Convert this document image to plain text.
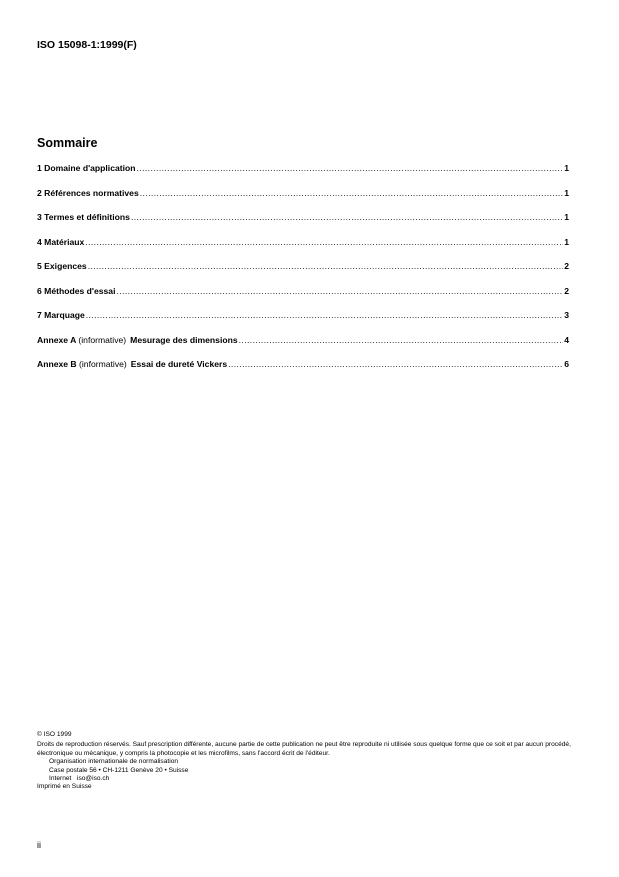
ISO 15098-1:1999(F)
Sommaire
1 Domaine d'application .....	1
2 Références normatives .....	1
3 Termes et définitions .....	1
4 Matériaux .....	1
5 Exigences .....	2
6 Méthodes d'essai .....	2
7 Marquage .....	3
Annexe A (informative) Mesurage des dimensions .....	4
Annexe B (informative) Essai de dureté Vickers .....	6
© ISO 1999
Droits de reproduction réservés. Sauf prescription différente, aucune partie de cette publication ne peut être reproduite ni utilisée sous quelque forme que ce soit et par aucun procédé, électronique ou mécanique, y compris la photocopie et les microfilms, sans l'accord écrit de l'éditeur.
Organisation internationale de normalisation
Case postale 56 • CH-1211 Genève 20 • Suisse
Internet iso@iso.ch
Imprimé en Suisse
ii
